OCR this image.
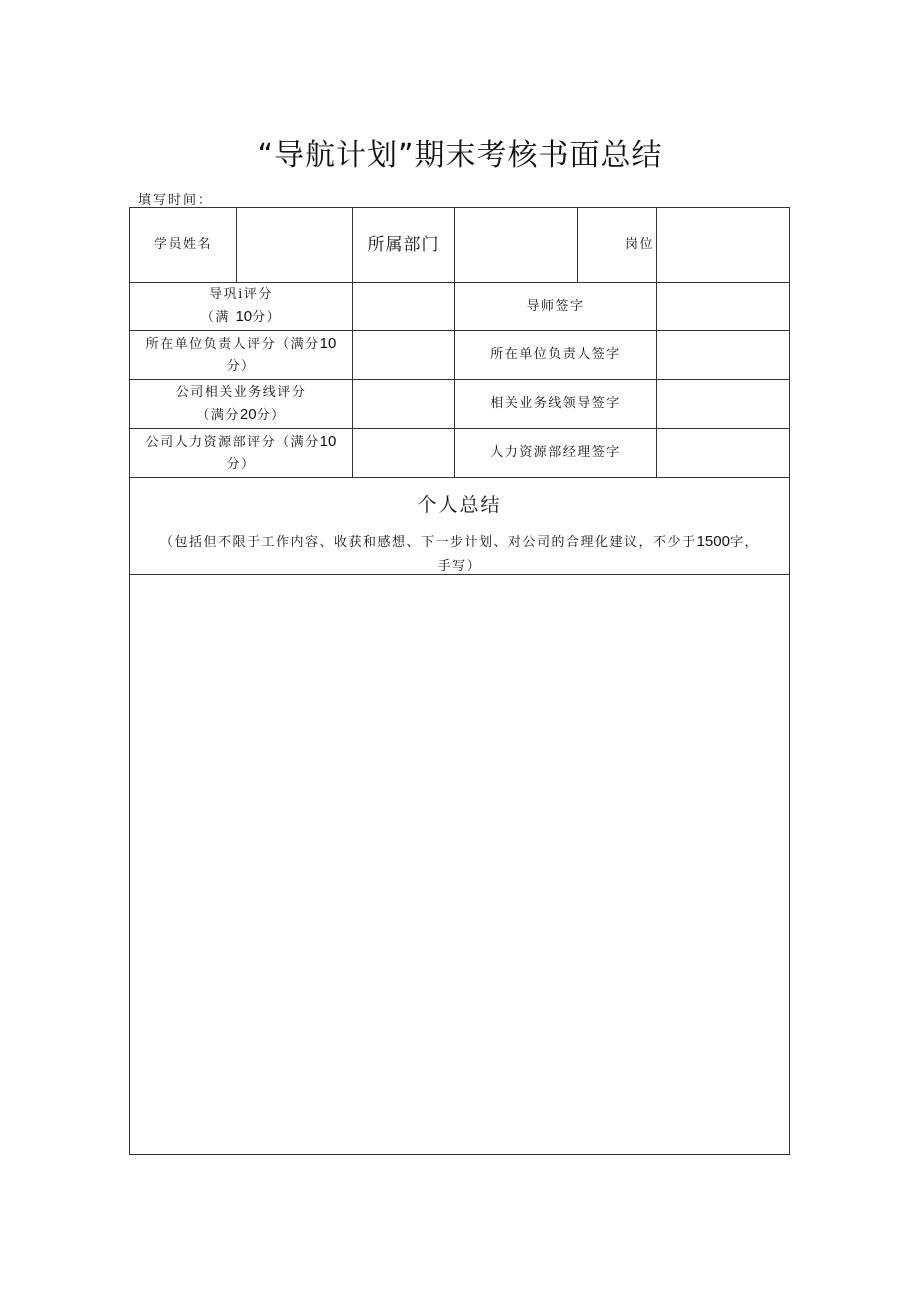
“导航计划”期末考核书面总结
填写时间：
学员姓名	所属部门	岗位
导巩i评分
（满 10分）
导师签字
所在单位负责人评分（满分10
分）
所在单位负责人签字
公司相关业务线评分
（满分20分）
相关业务线领导签字
公司人力资源部评分（满分10
分）
人力资源部经理签字
个人总结
（包括但不限于工作内容、收获和感想、下一步计划、对公司的合理化建议，不少于1500字，
手写）
